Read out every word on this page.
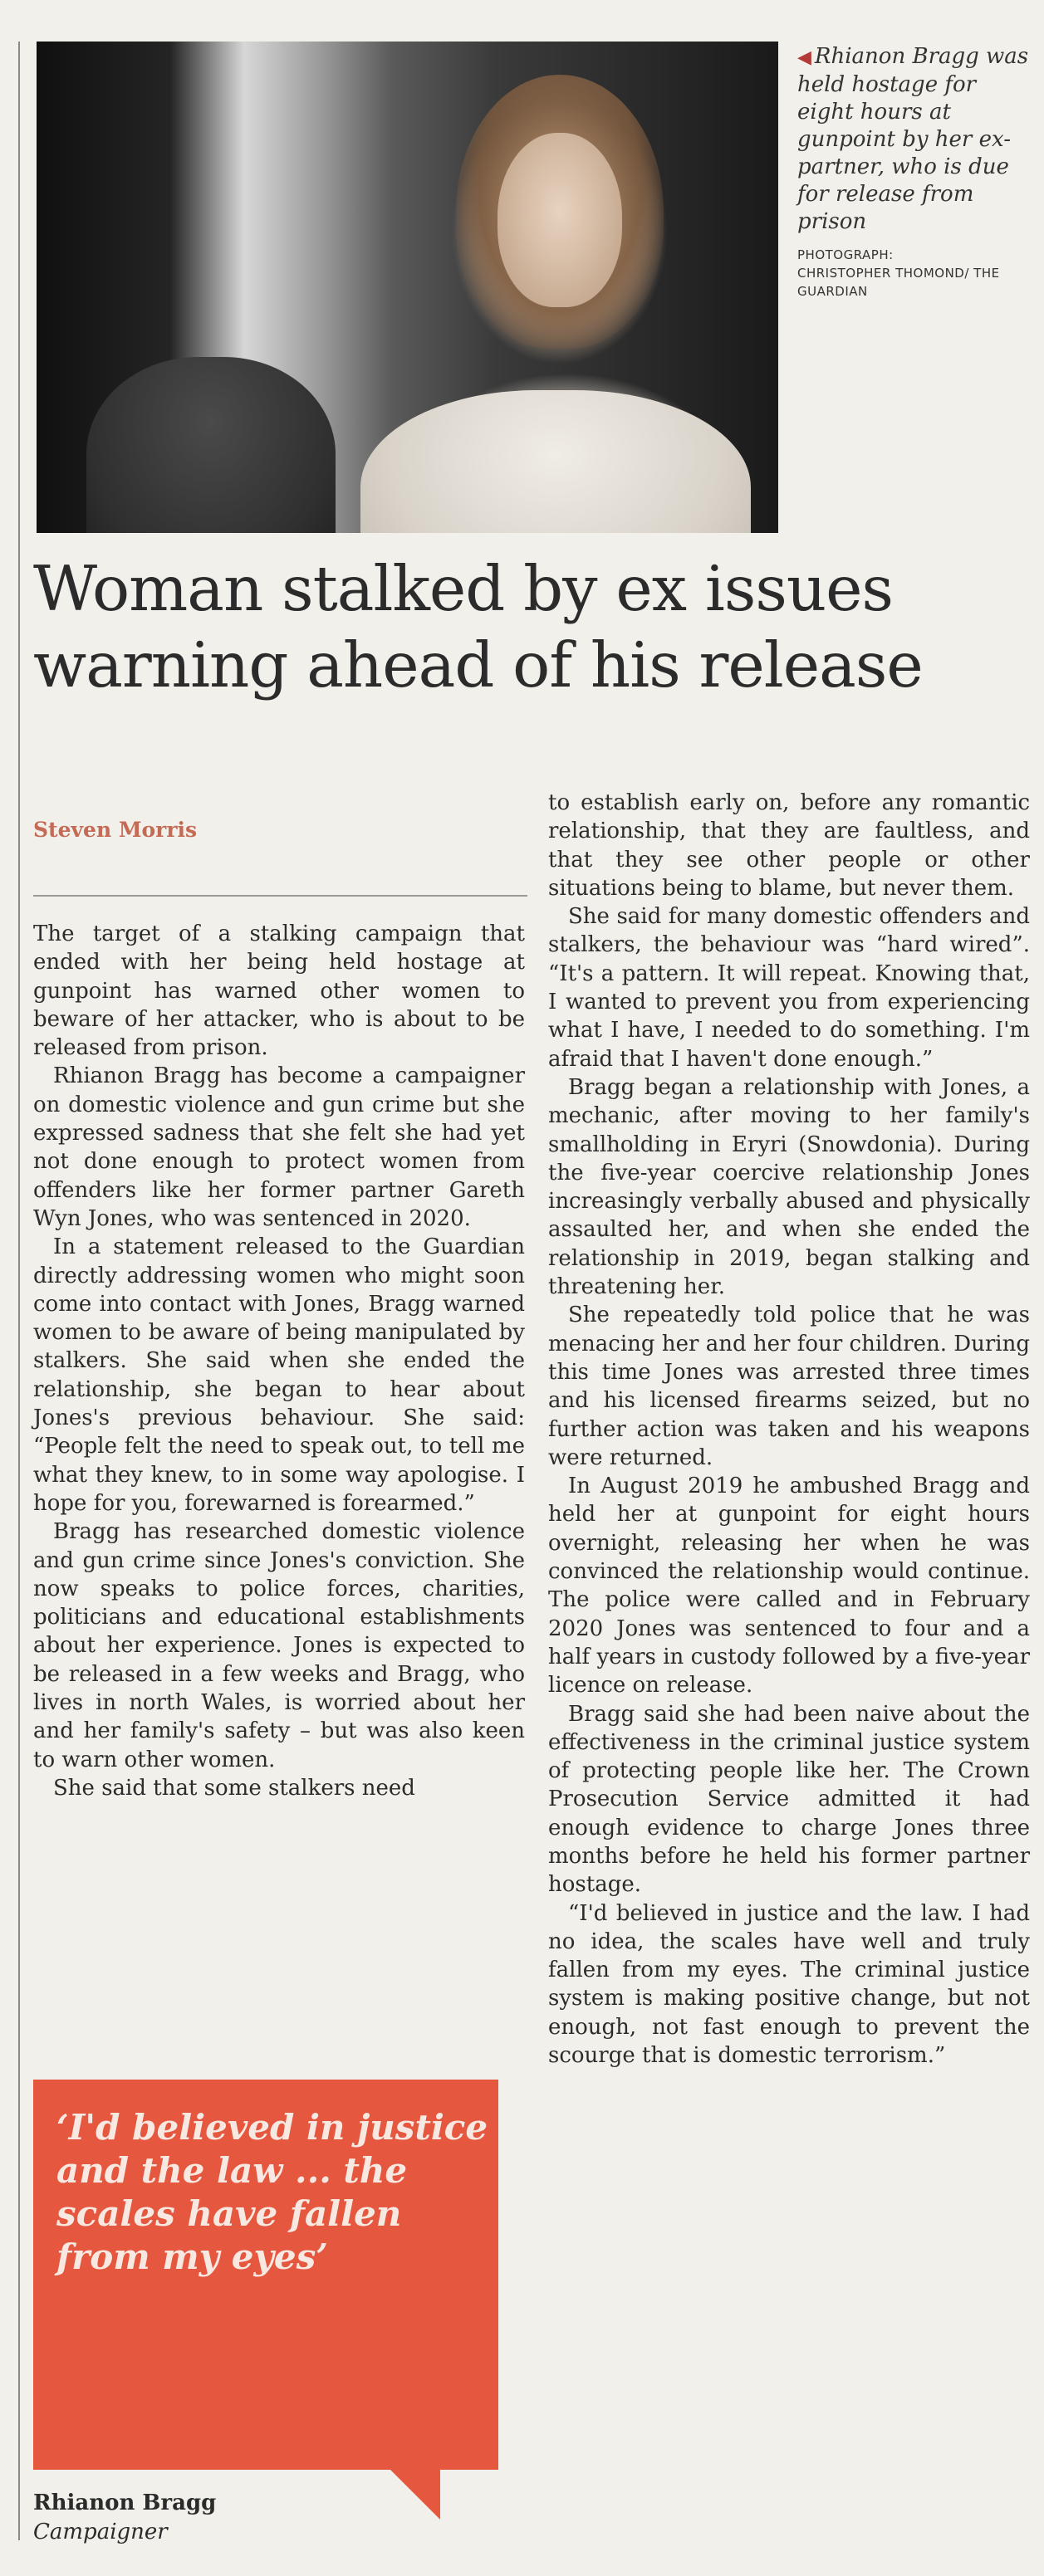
◀ Rhianon Bragg was held hostage for eight hours at gunpoint by her ex-partner, who is due for release from prison
PHOTOGRAPH:
CHRISTOPHER THOMOND/ THE GUARDIAN
Woman stalked by ex issues
warning ahead of his release
Steven Morris

The target of a stalking campaign that ended with her being held hostage at gunpoint has warned other women to beware of her attacker, who is about to be released from prison.

Rhianon Bragg has become a campaigner on domestic violence and gun crime but she expressed sadness that she felt she had yet not done enough to protect women from offenders like her former partner Gareth Wyn Jones, who was sentenced in 2020.

In a statement released to the Guardian directly addressing women who might soon come into contact with Jones, Bragg warned women to be aware of being manipulated by stalkers. She said when she ended the relationship, she began to hear about Jones's previous behaviour. She said: “People felt the need to speak out, to tell me what they knew, to in some way apologise. I hope for you, forewarned is forearmed.”

Bragg has researched domestic violence and gun crime since Jones's conviction. She now speaks to police forces, charities, politicians and educational establishments about her experience. Jones is expected to be released in a few weeks and Bragg, who lives in north Wales, is worried about her and her family's safety – but was also keen to warn other women.

She said that some stalkers need

to establish early on, before any romantic relationship, that they are faultless, and that they see other people or other situations being to blame, but never them.

She said for many domestic offenders and stalkers, the behaviour was “hard wired”. “It's a pattern. It will repeat. Knowing that, I wanted to prevent you from experiencing what I have, I needed to do something. I'm afraid that I haven't done enough.”

Bragg began a relationship with Jones, a mechanic, after moving to her family's smallholding in Eryri (Snowdonia). During the five-year coercive relationship Jones increasingly verbally abused and physically assaulted her, and when she ended the relationship in 2019, began stalking and threatening her.

She repeatedly told police that he was menacing her and her four children. During this time Jones was arrested three times and his licensed firearms seized, but no further action was taken and his weapons were returned.

In August 2019 he ambushed Bragg and held her at gunpoint for eight hours overnight, releasing her when he was convinced the relationship would continue. The police were called and in February 2020 Jones was sentenced to four and a half years in custody followed by a five-year licence on release.

Bragg said she had been naive about the effectiveness in the criminal justice system of protecting people like her. The Crown Prosecution Service admitted it had enough evidence to charge Jones three months before he held his former partner hostage.

“I'd believed in justice and the law. I had no idea, the scales have well and truly fallen from my eyes. The criminal justice system is making positive change, but not enough, not fast enough to prevent the scourge that is domestic terrorism.”

‘I'd believed in justice and the law ... the scales have fallen from my eyes’
Rhianon Bragg
Campaigner
